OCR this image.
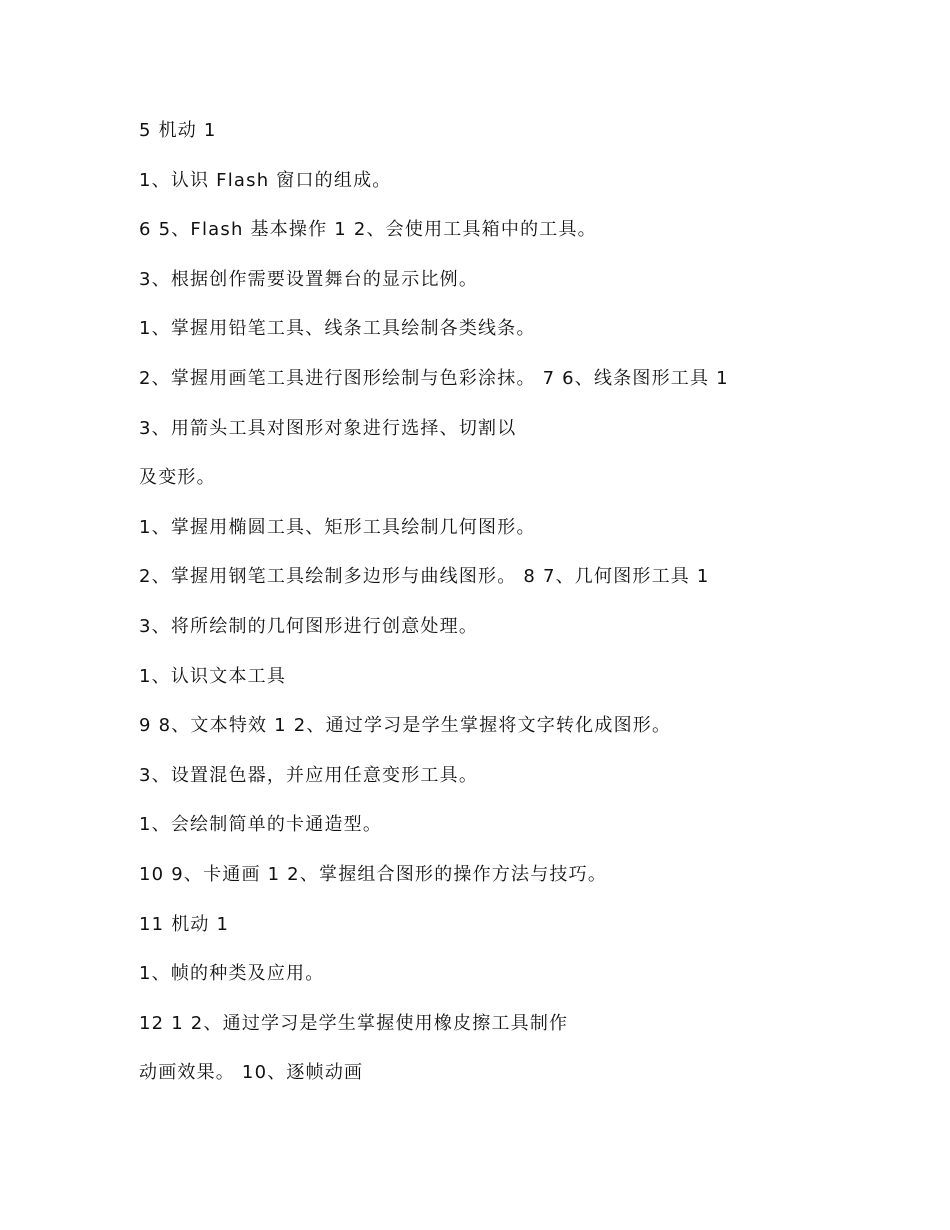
5 机动 1
1、认识 Flash 窗口的组成。
6 5、Flash 基本操作 1 2、会使用工具箱中的工具。
3、根据创作需要设置舞台的显示比例。
1、掌握用铅笔工具、线条工具绘制各类线条。
2、掌握用画笔工具进行图形绘制与色彩涂抹。 7 6、线条图形工具 1
3、用箭头工具对图形对象进行选择、切割以
及变形。
1、掌握用椭圆工具、矩形工具绘制几何图形。
2、掌握用钢笔工具绘制多边形与曲线图形。 8 7、几何图形工具 1
3、将所绘制的几何图形进行创意处理。
1、认识文本工具
9 8、文本特效 1 2、通过学习是学生掌握将文字转化成图形。
3、设置混色器，并应用任意变形工具。
1、会绘制简单的卡通造型。
10 9、卡通画 1 2、掌握组合图形的操作方法与技巧。
11 机动 1
1、帧的种类及应用。
12 1 2、通过学习是学生掌握使用橡皮擦工具制作
动画效果。 10、逐帧动画
